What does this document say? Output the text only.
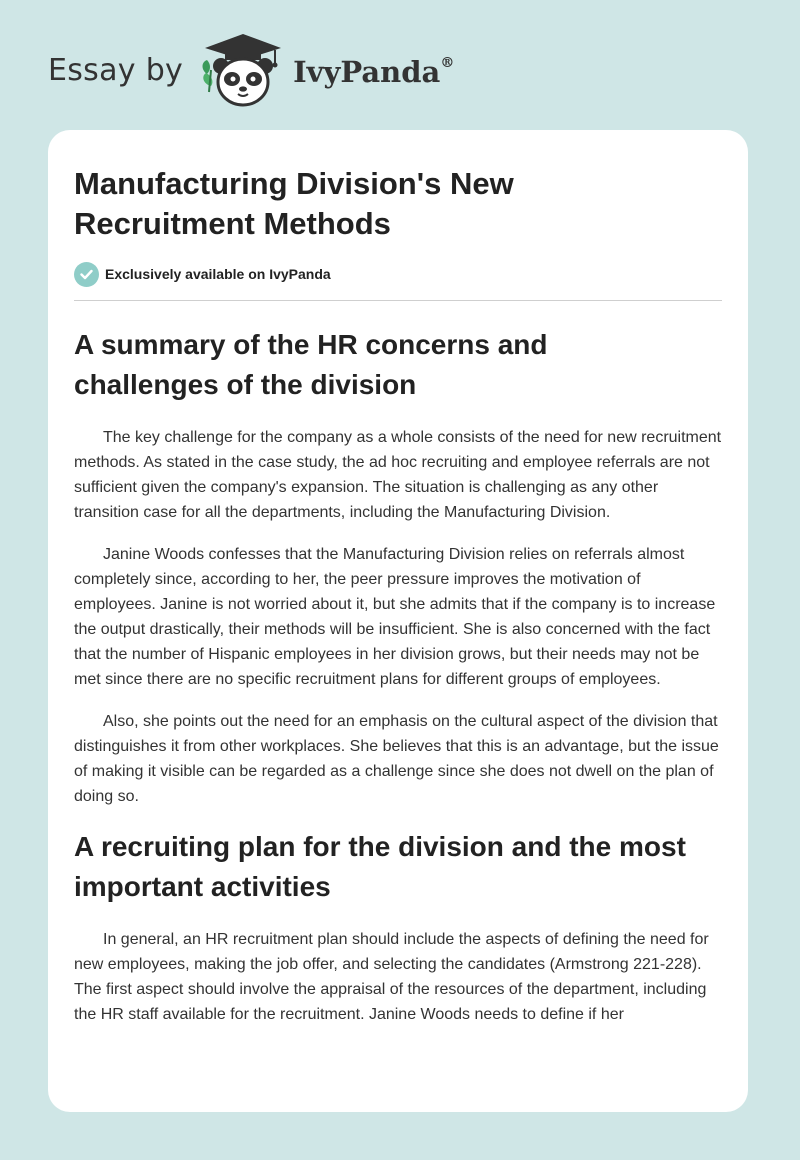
Essay by	IvyPanda®
Manufacturing Division's New Recruitment Methods
Exclusively available on IvyPanda
A summary of the HR concerns and challenges of the division

The key challenge for the company as a whole consists of the need for new recruitment methods. As stated in the case study, the ad hoc recruiting and employee referrals are not sufficient given the company's expansion. The situation is challenging as any other transition case for all the departments, including the Manufacturing Division.

Janine Woods confesses that the Manufacturing Division relies on referrals almost completely since, according to her, the peer pressure improves the motivation of employees. Janine is not worried about it, but she admits that if the company is to increase the output drastically, their methods will be insufficient. She is also concerned with the fact that the number of Hispanic employees in her division grows, but their needs may not be met since there are no specific recruitment plans for different groups of employees.

Also, she points out the need for an emphasis on the cultural aspect of the division that distinguishes it from other workplaces. She believes that this is an advantage, but the issue of making it visible can be regarded as a challenge since she does not dwell on the plan of doing so.

A recruiting plan for the division and the most important activities

In general, an HR recruitment plan should include the aspects of defining the need for new employees, making the job offer, and selecting the candidates (Armstrong 221-228). The first aspect should involve the appraisal of the resources of the department, including the HR staff available for the recruitment. Janine Woods needs to define if her
